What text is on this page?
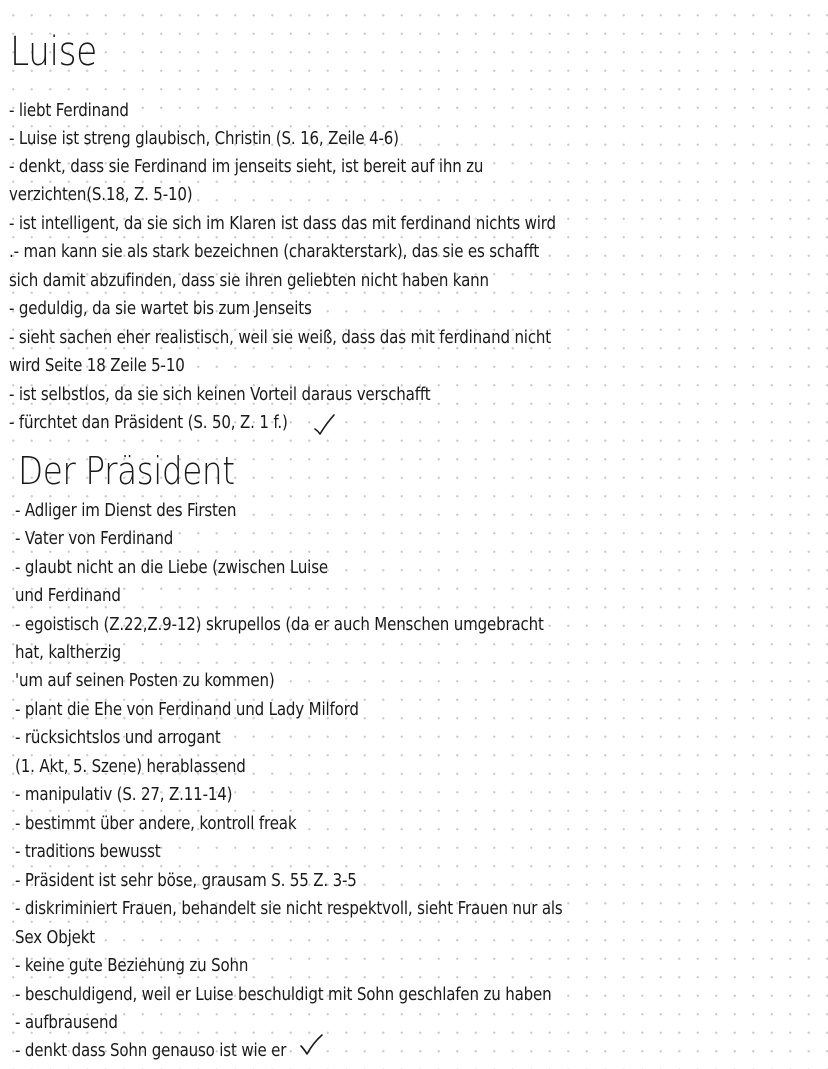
Luise
- liebt Ferdinand
- Luise ist streng glaubisch, Christin (S. 16, Zeile 4-6)
- denkt, dass sie Ferdinand im jenseits sieht, ist bereit auf ihn zu
verzichten(S.18, Z. 5-10)
- ist intelligent, da sie sich im Klaren ist dass das mit ferdinand nichts wird
.- man kann sie als stark bezeichnen (charakterstark), das sie es schafft
sich damit abzufinden, dass sie ihren geliebten nicht haben kann
- geduldig, da sie wartet bis zum Jenseits
- sieht sachen eher realistisch, weil sie weiß, dass das mit ferdinand nicht
wird Seite 18 Zeile 5-10
- ist selbstlos, da sie sich keinen Vorteil daraus verschafft
- fürchtet dan Präsident (S. 50, Z. 1 f.)
Der Präsident
- Adliger im Dienst des Firsten
- Vater von Ferdinand
- glaubt nicht an die Liebe (zwischen Luise
und Ferdinand
- egoistisch (Z.22,Z.9-12) skrupellos (da er auch Menschen umgebracht
hat, kaltherzig
'um auf seinen Posten zu kommen)
- plant die Ehe von Ferdinand und Lady Milford
- rücksichtslos und arrogant
(1. Akt, 5. Szene) herablassend
- manipulativ (S. 27, Z.11-14)
- bestimmt über andere, kontroll freak
- traditions bewusst
- Präsident ist sehr böse, grausam S. 55 Z. 3-5
- diskriminiert Frauen, behandelt sie nicht respektvoll, sieht Frauen nur als
Sex Objekt
- keine gute Beziehung zu Sohn
- beschuldigend, weil er Luise beschuldigt mit Sohn geschlafen zu haben
- aufbrausend
- denkt dass Sohn genauso ist wie er
